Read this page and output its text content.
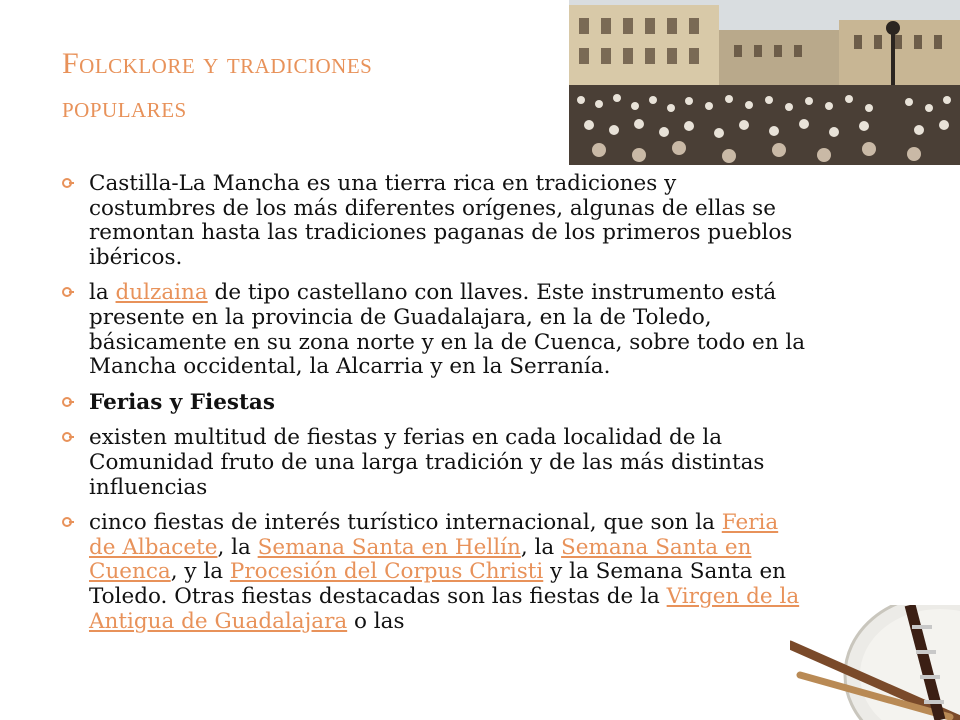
Folcklore y tradiciones
populares
Castilla-La Mancha es una tierra rica en tradiciones y costumbres de los más diferentes orígenes, algunas de ellas se remontan hasta las tradiciones paganas de los primeros pueblos ibéricos.
la dulzaina de tipo castellano con llaves. Este instrumento está presente en la provincia de Guadalajara, en la de Toledo, básicamente en su zona norte y en la de Cuenca, sobre todo en la Mancha occidental, la Alcarria y en la Serranía.
Ferias y Fiestas
existen multitud de fiestas y ferias en cada localidad de la Comunidad fruto de una larga tradición y de las más distintas influencias
cinco fiestas de interés turístico internacional, que son la Feria de Albacete, la Semana Santa en Hellín, la Semana Santa en Cuenca, y la Procesión del Corpus Christi y la Semana Santa en Toledo. Otras fiestas destacadas son las fiestas de la Virgen de la Antigua de Guadalajara o las
